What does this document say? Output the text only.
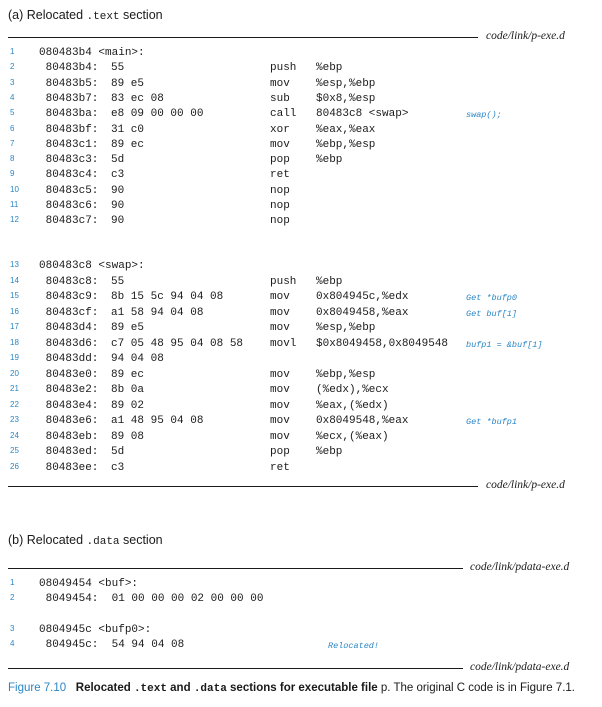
(a) Relocated .text section
code/link/p-exe.d
1	080483b4 <main>:
2	80483b4: 55	push %ebp
3	80483b5: 89 e5	mov %esp,%ebp
4	80483b7: 83 ec 08	sub $0x8,%esp
5	80483ba: e8 09 00 00 00	call 80483c8 <swap>	swap();
6	80483bf: 31 c0	xor %eax,%eax
7	80483c1: 89 ec	mov %ebp,%esp
8	80483c3: 5d	pop %ebp
9	80483c4: c3	ret
10 80483c5: 90	nop
11	80483c6: 90	nop
12 80483c7: 90	nop
13 080483c8 <swap>:
14 80483c8: 55	push %ebp
15 80483c9: 8b 15 5c 94 04 08	mov 0x804945c,%edx	Get *bufp0
16 80483cf: a1 58 94 04 08	mov 0x8049458,%eax	Get buf[1]
17 80483d4: 89 e5	mov %esp,%ebp
18 80483d6: c7 05 48 95 04 08 58 movl $0x8049458,0x8049548 bufp1 = &buf[1]
19 80483dd: 94 04 08
20 80483e0: 89 ec	mov %ebp,%esp
21 80483e2: 8b 0a	mov (%edx),%ecx
22 80483e4: 89 02	mov %eax,(%edx)
23 80483e6: a1 48 95 04 08	mov 0x8049548,%eax	Get *bufp1
24 80483eb: 89 08	mov %ecx,(%eax)
25 80483ed: 5d	pop %ebp
26 80483ee: c3	ret
code/link/p-exe.d
(b) Relocated .data section
code/link/pdata-exe.d
1	08049454 <buf>:
2	8049454:  01 00 00 00 02 00 00 00
3	0804945c <bufp0>:
4	804945c:  54 94 04 08	Relocated!
code/link/pdata-exe.d
Figure 7.10 Relocated .text and .data sections for executable file p. The original C code is in Figure 7.1.
